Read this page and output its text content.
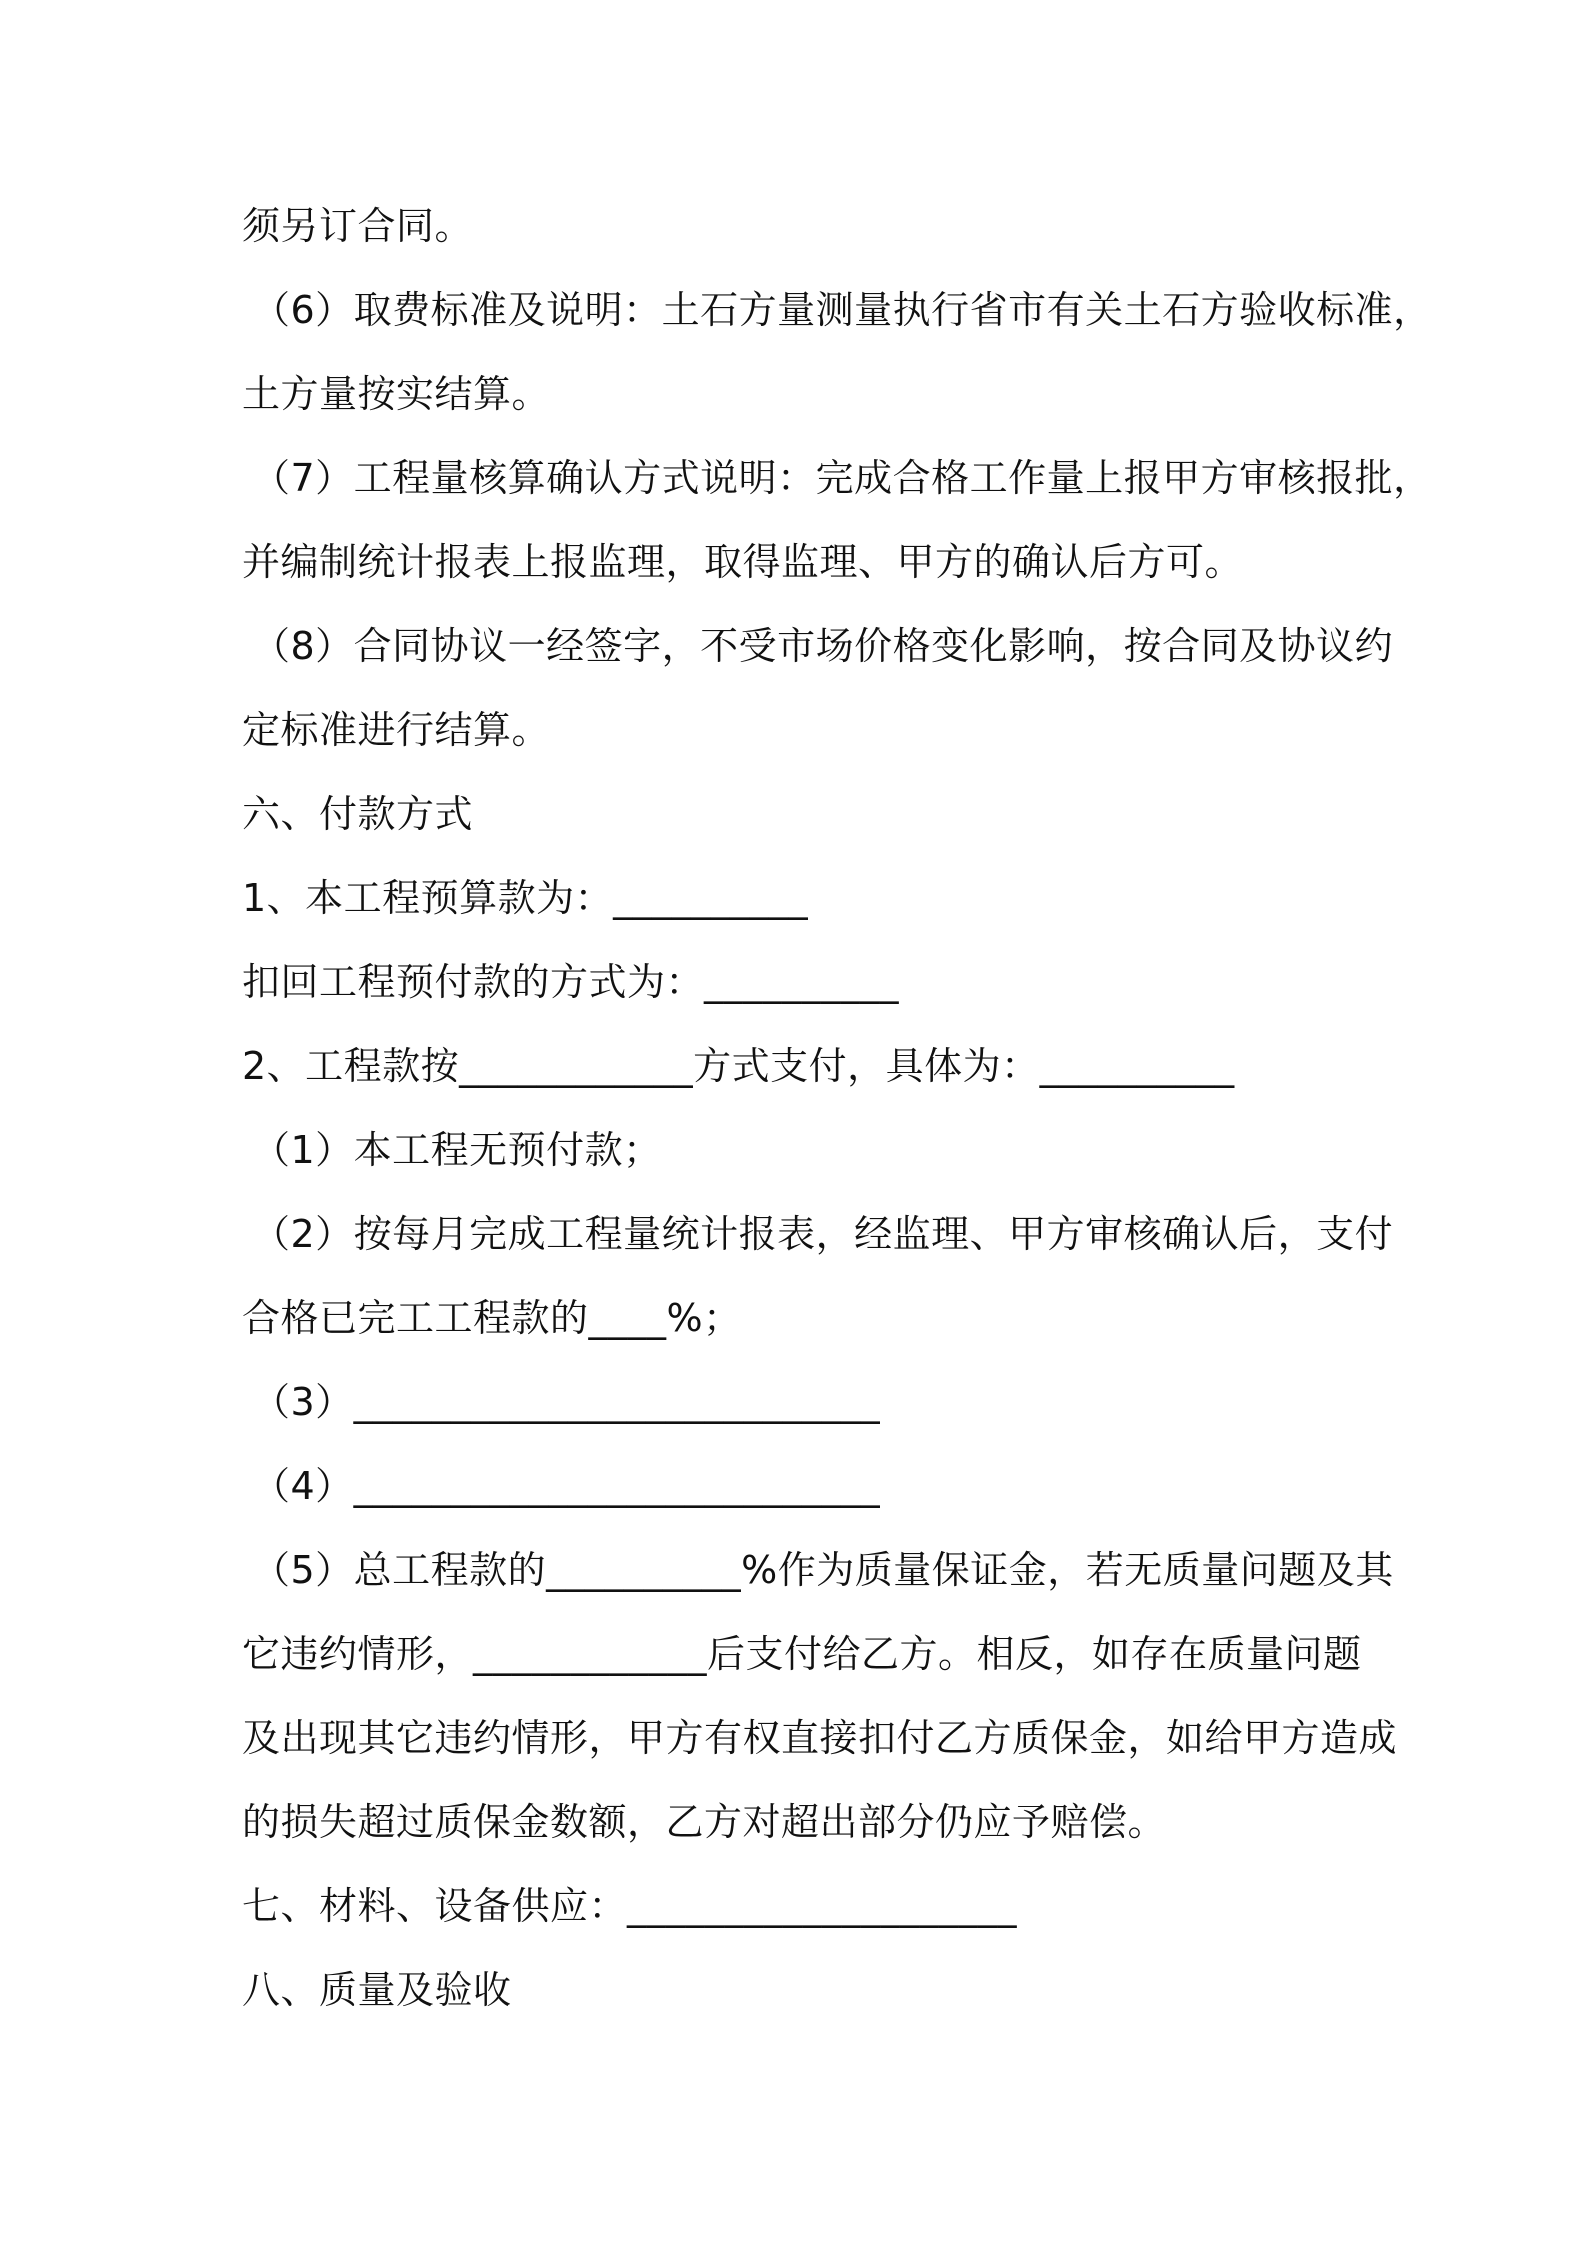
须另订合同。
（6）取费标准及说明：土石方量测量执行省市有关土石方验收标准，
土方量按实结算。
（7）工程量核算确认方式说明：完成合格工作量上报甲方审核报批，
并编制统计报表上报监理，取得监理、甲方的确认后方可。
（8）合同协议一经签字，不受市场价格变化影响，按合同及协议约
定标准进行结算。
六、付款方式
1、本工程预算款为：__________
扣回工程预付款的方式为：__________
2、工程款按____________方式支付，具体为：__________
（1）本工程无预付款；
（2）按每月完成工程量统计报表，经监理、甲方审核确认后，支付
合格已完工工程款的____%；
（3）___________________________
（4）___________________________
（5）总工程款的__________%作为质量保证金，若无质量问题及其
它违约情形，____________后支付给乙方。相反，如存在质量问题
及出现其它违约情形，甲方有权直接扣付乙方质保金，如给甲方造成
的损失超过质保金数额，乙方对超出部分仍应予赔偿。
七、材料、设备供应：____________________
八、质量及验收
